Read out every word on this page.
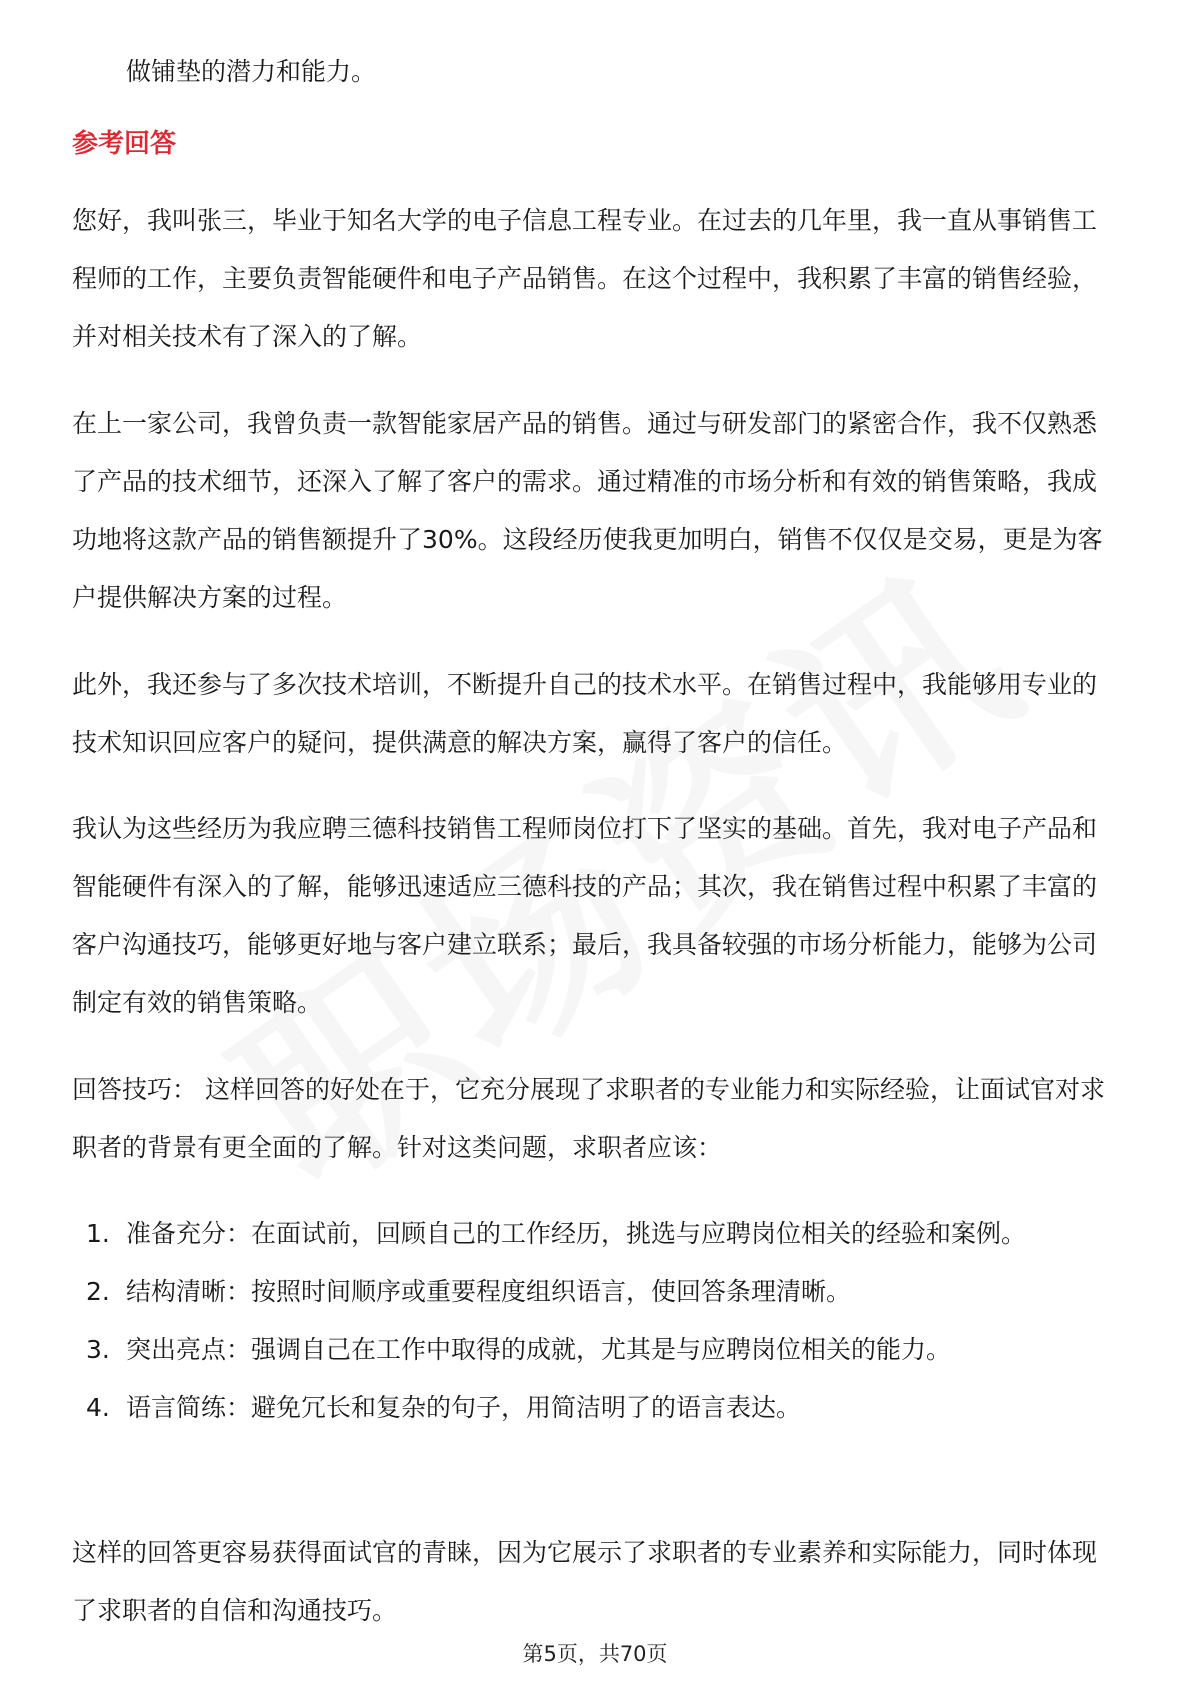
做铺垫的潜力和能力。
参考回答

您好，我叫张三，毕业于知名大学的电子信息工程专业。在过去的几年里，我一直从事销售工程师的工作，主要负责智能硬件和电子产品销售。在这个过程中，我积累了丰富的销售经验，并对相关技术有了深入的了解。

在上一家公司，我曾负责一款智能家居产品的销售。通过与研发部门的紧密合作，我不仅熟悉了产品的技术细节，还深入了解了客户的需求。通过精准的市场分析和有效的销售策略，我成功地将这款产品的销售额提升了30%。这段经历使我更加明白，销售不仅仅是交易，更是为客户提供解决方案的过程。

此外，我还参与了多次技术培训，不断提升自己的技术水平。在销售过程中，我能够用专业的技术知识回应客户的疑问，提供满意的解决方案，赢得了客户的信任。

我认为这些经历为我应聘三德科技销售工程师岗位打下了坚实的基础。首先，我对电子产品和智能硬件有深入的了解，能够迅速适应三德科技的产品；其次，我在销售过程中积累了丰富的客户沟通技巧，能够更好地与客户建立联系；最后，我具备较强的市场分析能力，能够为公司制定有效的销售策略。

回答技巧： 这样回答的好处在于，它充分展现了求职者的专业能力和实际经验，让面试官对求职者的背景有更全面的了解。针对这类问题，求职者应该：

1. 准备充分：在面试前，回顾自己的工作经历，挑选与应聘岗位相关的经验和案例。
2. 结构清晰：按照时间顺序或重要程度组织语言，使回答条理清晰。
3. 突出亮点：强调自己在工作中取得的成就，尤其是与应聘岗位相关的能力。
4. 语言简练：避免冗长和复杂的句子，用简洁明了的语言表达。

这样的回答更容易获得面试官的青睐，因为它展示了求职者的专业素养和实际能力，同时体现了求职者的自信和沟通技巧。

第5页，共70页
